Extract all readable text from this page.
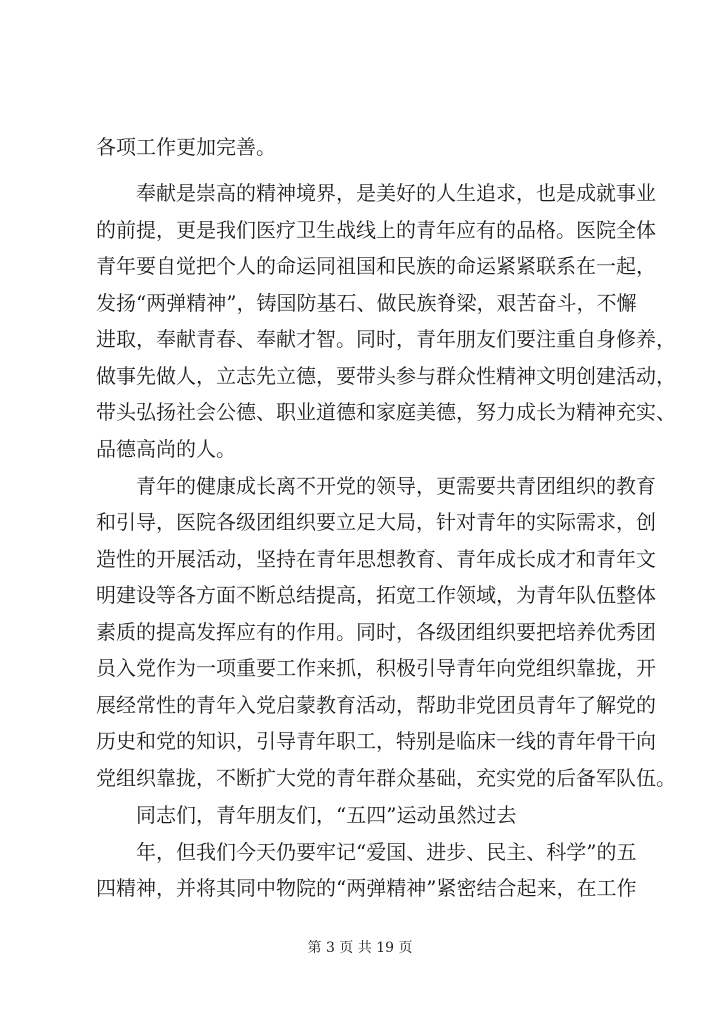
各项工作更加完善。
奉献是崇高的精神境界，是美好的人生追求，也是成就事业
的前提，更是我们医疗卫生战线上的青年应有的品格。医院全体
青年要自觉把个人的命运同祖国和民族的命运紧紧联系在一起，
发扬“两弹精神”，铸国防基石、做民族脊梁，艰苦奋斗，不懈
进取，奉献青春、奉献才智。同时，青年朋友们要注重自身修养，
做事先做人，立志先立德，要带头参与群众性精神文明创建活动，
带头弘扬社会公德、职业道德和家庭美德，努力成长为精神充实、
品德高尚的人。
青年的健康成长离不开党的领导，更需要共青团组织的教育
和引导，医院各级团组织要立足大局，针对青年的实际需求，创
造性的开展活动，坚持在青年思想教育、青年成长成才和青年文
明建设等各方面不断总结提高，拓宽工作领域，为青年队伍整体
素质的提高发挥应有的作用。同时，各级团组织要把培养优秀团
员入党作为一项重要工作来抓，积极引导青年向党组织靠拢，开
展经常性的青年入党启蒙教育活动，帮助非党团员青年了解党的
历史和党的知识，引导青年职工，特别是临床一线的青年骨干向
党组织靠拢，不断扩大党的青年群众基础，充实党的后备军队伍。
同志们，青年朋友们，“五四”运动虽然过去
年，但我们今天仍要牢记“爱国、进步、民主、科学”的五
四精神，并将其同中物院的“两弹精神”紧密结合起来，在工作
第 3 页 共 19 页
